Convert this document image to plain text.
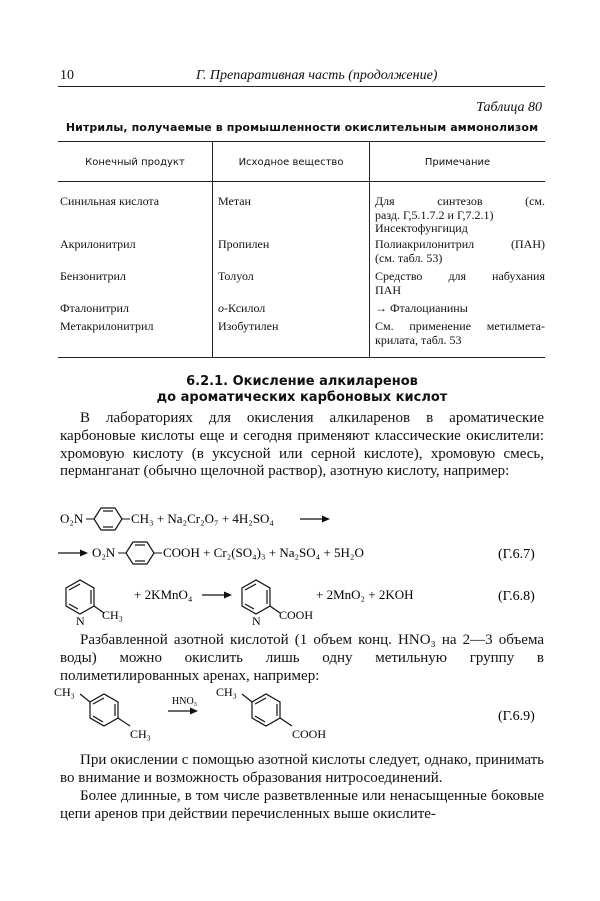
10	Г. Препаративная часть (продолжение)
Таблица 80
Нитрилы, получаемые в промышленности окислительным аммонолизом
Конечный продукт	Исходное вещество	Примечание
Синильная кислота	Метан	Для синтезов (см.
разд. Г,5.1.7.2 и Г,7.2.1)
Инсектофунгицид
Акрилонитрил	Пропилен	Полиакрилонитрил (ПАН)
(см. табл. 53)
Бензонитрил	Толуол	Средство для набухания
ПАН
Фталонитрил	о-Ксилол	→ Фталоцианины
Метакрилонитрил	Изобутилен	См. применение метилмета-
крилата, табл. 53
6.2.1. Окисление алкиларенов
до ароматических карбоновых кислот
В лабораториях для окисления алкиларенов в ароматические карбоновые кислоты еще и сегодня применяют классические окислители: хромовую кислоту (в уксусной или серной кислоте), хромовую смесь, перманганат (обычно щелочной раствор), азотную кислоту, например:
O₂N	CH₃ + Na₂Cr₂O₇ + 4H₂SO₄
O₂N	COOH + Cr₂(SO₄)₃ + Na₂SO₄ + 5H₂O	(Г.6.7)
N CH₃
+ 2KMnO₄
N COOH
+ 2MnO₂ + 2KOH	(Г.6.8)
Разбавленной азотной кислотой (1 объем конц. HNO₃ на 2—3 объема воды) можно окислить лишь одну метильную группу в полиметилированных аренах, например:
CH₃
CH₃
HNO₃
CH₃
COOH
(Г.6.9)
При окислении с помощью азотной кислоты следует, однако, принимать во внимание и возможность образования нитросоединений.
Более длинные, в том числе разветвленные или ненасыщенные боковые цепи аренов при действии перечисленных выше окислите-
